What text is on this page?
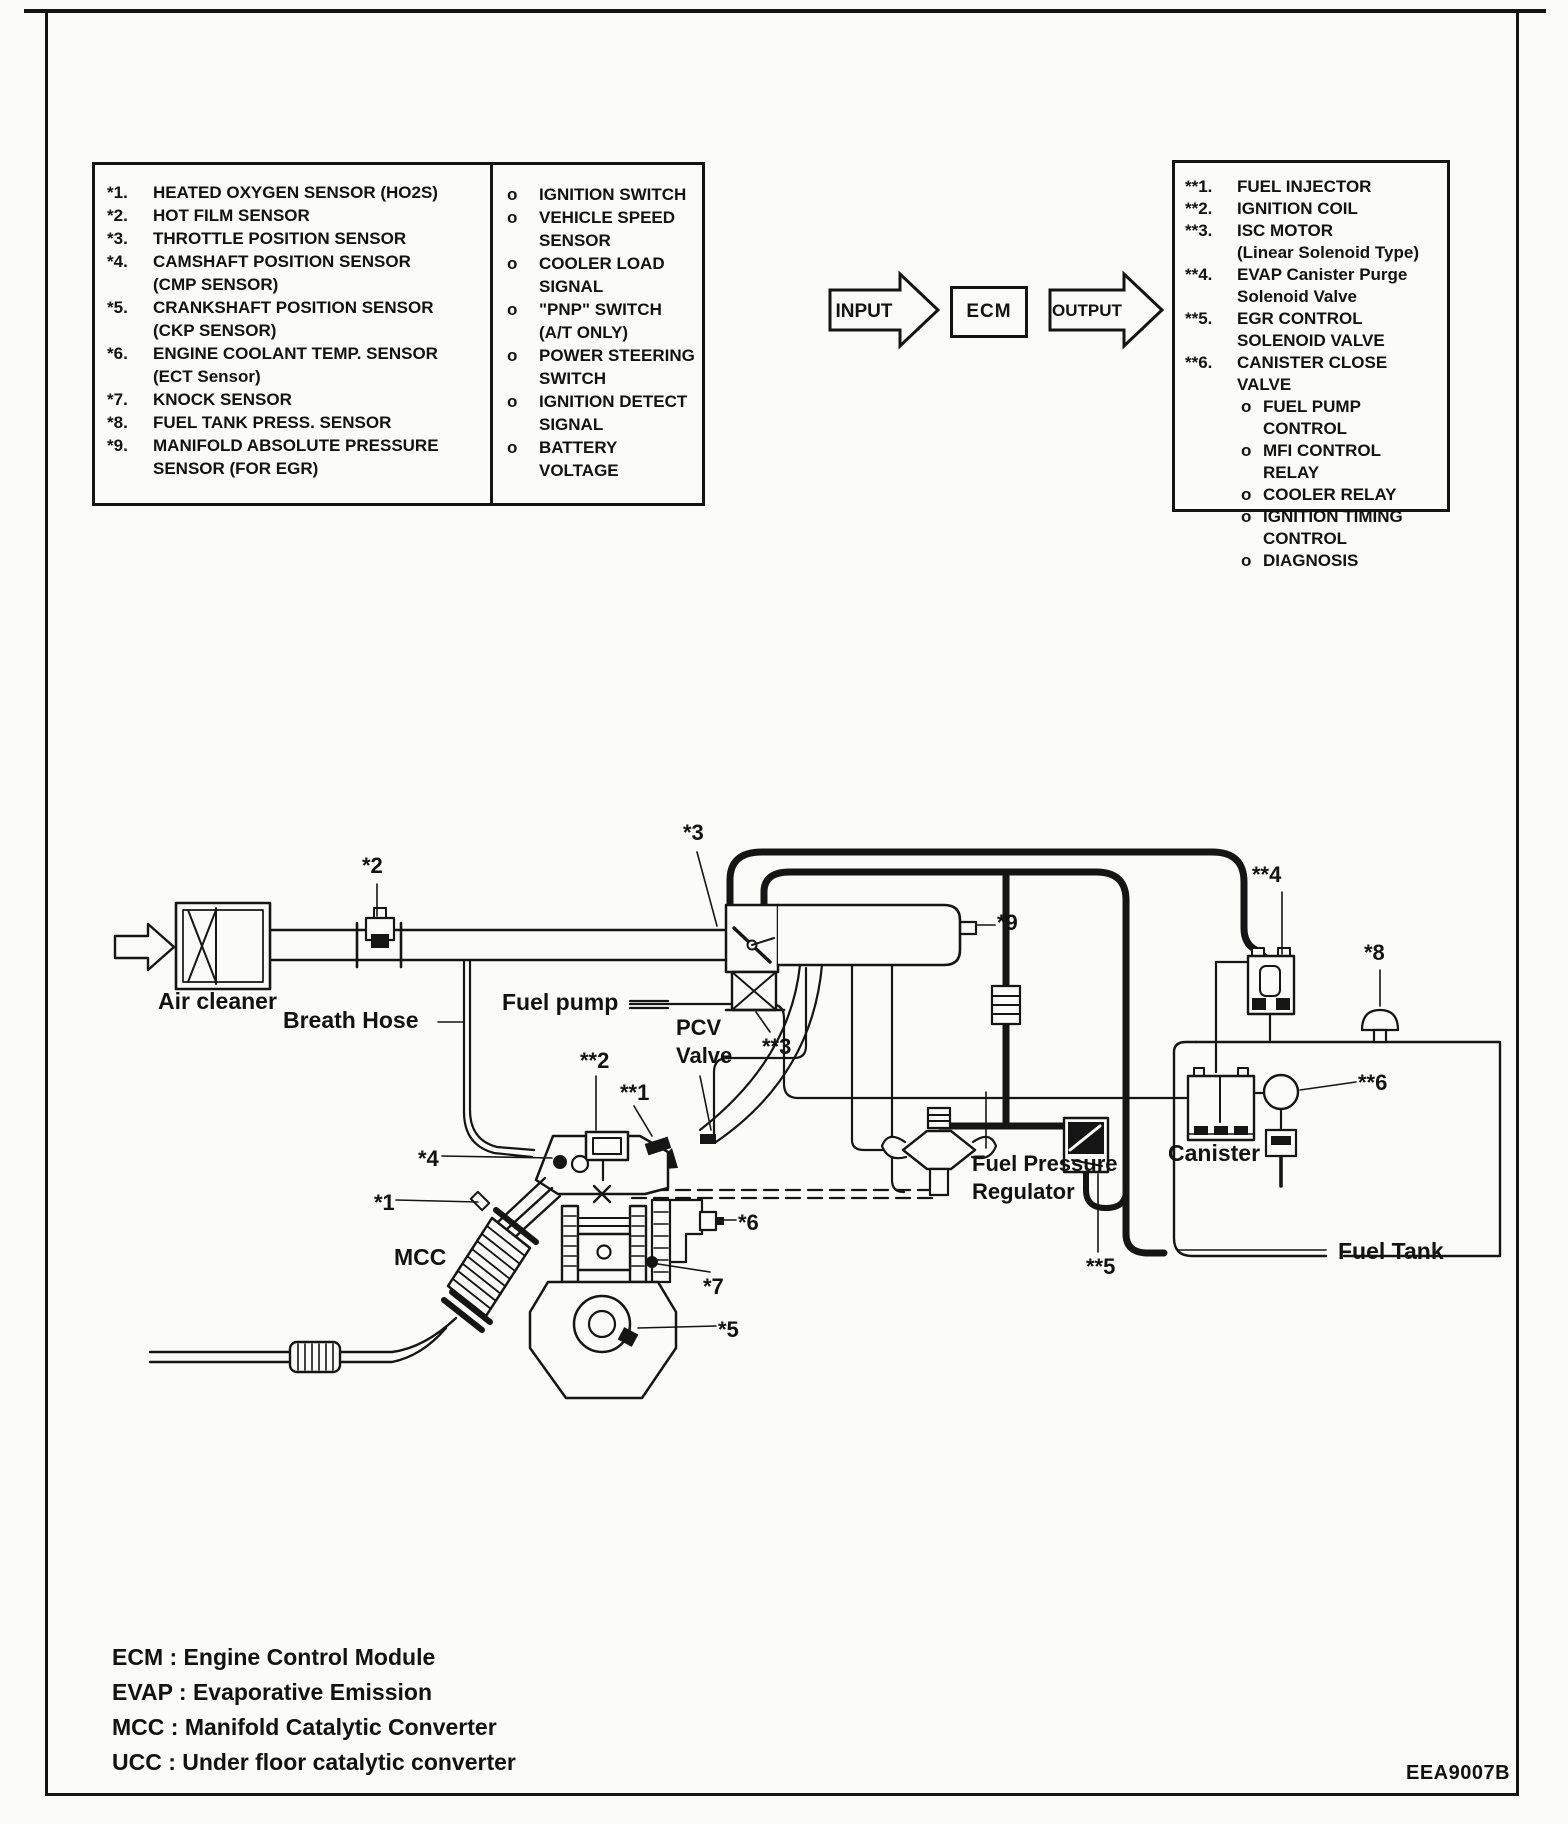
*1.	HEATED OXYGEN SENSOR (HO2S)
*2.	HOT FILM SENSOR
*3.	THROTTLE POSITION SENSOR
*4.	CAMSHAFT POSITION SENSOR
(CMP SENSOR)
*5.	CRANKSHAFT POSITION SENSOR
(CKP SENSOR)
*6.	ENGINE COOLANT TEMP. SENSOR
(ECT Sensor)
*7.	KNOCK SENSOR
*8.	FUEL TANK PRESS. SENSOR
*9.	MANIFOLD ABSOLUTE PRESSURE
SENSOR (FOR EGR)
o	IGNITION SWITCH
o	VEHICLE SPEED SENSOR
o	COOLER LOAD SIGNAL
o	"PNP" SWITCH (A/T ONLY)
o	POWER STEERING SWITCH
o	IGNITION DETECT SIGNAL
o	BATTERY VOLTAGE
INPUT	ECM OUTPUT
**1.	FUEL INJECTOR
**2.	IGNITION COIL
**3.	ISC MOTOR
(Linear Solenoid Type)
**4.	EVAP Canister Purge
Solenoid Valve
**5.	EGR CONTROL
SOLENOID VALVE
**6.	CANISTER CLOSE VALVE
o FUEL PUMP CONTROL
o MFI CONTROL RELAY
o COOLER RELAY
o IGNITION TIMING CONTROL
o DIAGNOSIS
*2
*3
*9
**4
*8
Air cleaner
Breath Hose
Fuel pump
PCV Valve
**2
**1
**3
*4
*1
MCC
*6
*7
*5
Fuel Pressure Regulator
**5
Canister
**6
Fuel Tank
ECM : Engine Control Module
EVAP : Evaporative Emission
MCC : Manifold Catalytic Converter
UCC : Under floor catalytic converter	EEA9007B
